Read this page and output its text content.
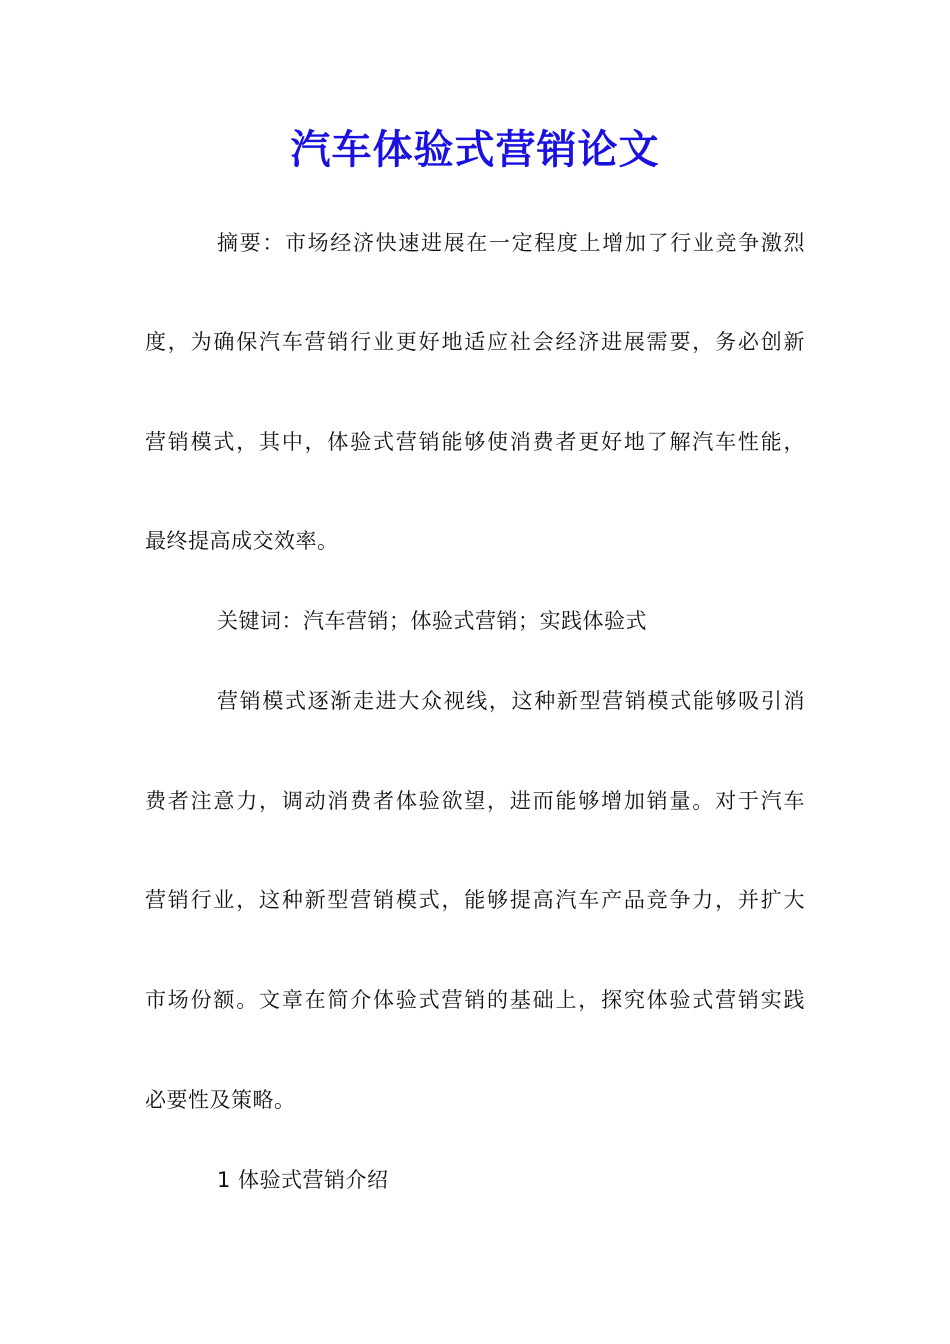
汽车体验式营销论文
摘要：市场经济快速进展在一定程度上增加了行业竞争激烈
度，为确保汽车营销行业更好地适应社会经济进展需要，务必创新
营销模式，其中，体验式营销能够使消费者更好地了解汽车性能，
最终提高成交效率。
关键词：汽车营销；体验式营销；实践体验式
营销模式逐渐走进大众视线，这种新型营销模式能够吸引消
费者注意力，调动消费者体验欲望，进而能够增加销量。对于汽车
营销行业，这种新型营销模式，能够提高汽车产品竞争力，并扩大
市场份额。文章在简介体验式营销的基础上，探究体验式营销实践
必要性及策略。
1 体验式营销介绍
